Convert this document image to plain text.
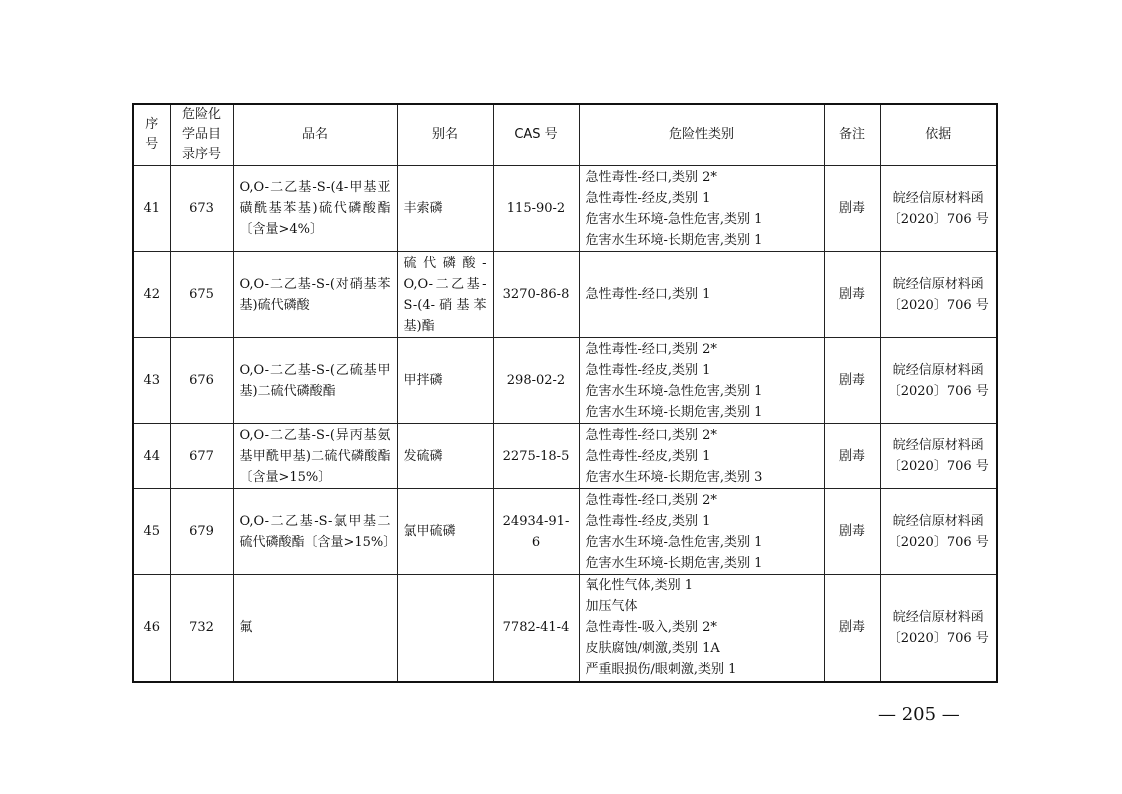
序号	危险化学品目录序号	品名	别名	CAS 号	危险性类别	备注	依据
41	673	O,O-二乙基-S-(4-甲基亚磺酰基苯基)硫代磷酸酯〔含量>4%〕	丰索磷	115-90-2	急性毒性-经口,类别 2*
急性毒性-经皮,类别 1
危害水生环境-急性危害,类别 1
危害水生环境-长期危害,类别 1	剧毒	皖经信原材料函〔2020〕706 号
42	675	O,O-二乙基-S-(对硝基苯基)硫代磷酸	硫代磷酸-O,O-二乙基-S-(4-硝基苯基)酯	3270-86-8	急性毒性-经口,类别 1	剧毒	皖经信原材料函〔2020〕706 号
43	676	O,O-二乙基-S-(乙硫基甲基)二硫代磷酸酯	甲拌磷	298-02-2	急性毒性-经口,类别 2*
急性毒性-经皮,类别 1
危害水生环境-急性危害,类别 1
危害水生环境-长期危害,类别 1	剧毒	皖经信原材料函〔2020〕706 号
44	677	O,O-二乙基-S-(异丙基氨基甲酰甲基)二硫代磷酸酯〔含量>15%〕	发硫磷	2275-18-5	急性毒性-经口,类别 2*
急性毒性-经皮,类别 1
危害水生环境-长期危害,类别 3	剧毒	皖经信原材料函〔2020〕706 号
45	679	O,O-二乙基-S-氯甲基二硫代磷酸酯〔含量>15%〕	氯甲硫磷	24934-91-6	急性毒性-经口,类别 2*
急性毒性-经皮,类别 1
危害水生环境-急性危害,类别 1
危害水生环境-长期危害,类别 1	剧毒	皖经信原材料函〔2020〕706 号
46	732	氟		7782-41-4	氧化性气体,类别 1
加压气体
急性毒性-吸入,类别 2*
皮肤腐蚀/刺激,类别 1A
严重眼损伤/眼刺激,类别 1	剧毒	皖经信原材料函〔2020〕706 号
— 205 —
